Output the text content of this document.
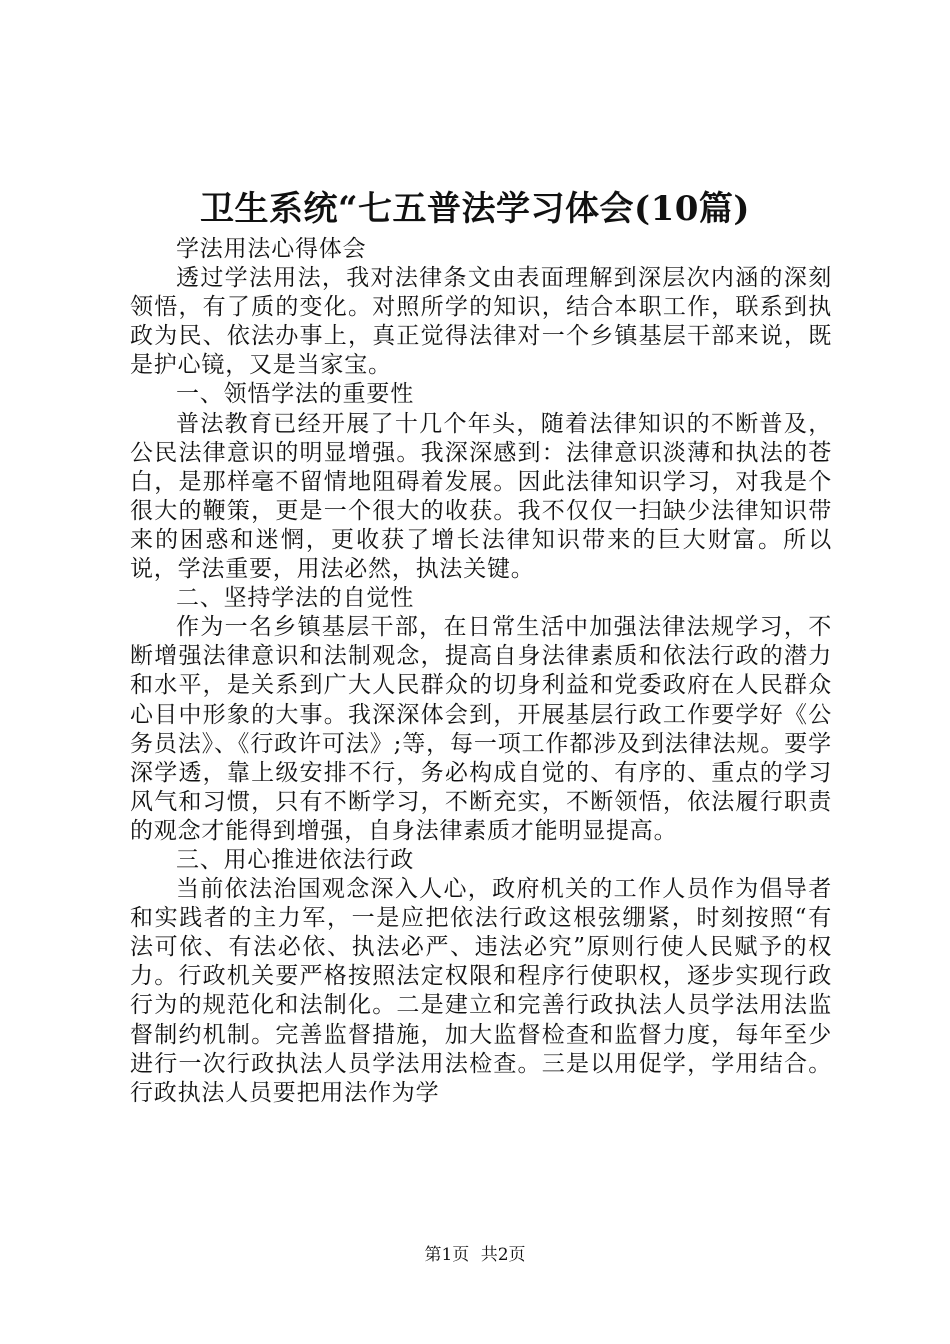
卫生系统“七五普法学习体会(10篇)

学法用法心得体会

透过学法用法，我对法律条文由表面理解到深层次内涵的深刻领悟，有了质的变化。对照所学的知识，结合本职工作，联系到执政为民、依法办事上，真正觉得法律对一个乡镇基层干部来说，既是护心镜，又是当家宝。

一、领悟学法的重要性

普法教育已经开展了十几个年头，随着法律知识的不断普及，公民法律意识的明显增强。我深深感到：法律意识淡薄和执法的苍白，是那样毫不留情地阻碍着发展。因此法律知识学习，对我是个很大的鞭策，更是一个很大的收获。我不仅仅一扫缺少法律知识带来的困惑和迷惘，更收获了增长法律知识带来的巨大财富。所以说，学法重要，用法必然，执法关键。

二、坚持学法的自觉性

作为一名乡镇基层干部，在日常生活中加强法律法规学习，不断增强法律意识和法制观念，提高自身法律素质和依法行政的潜力和水平，是关系到广大人民群众的切身利益和党委政府在人民群众心目中形象的大事。我深深体会到，开展基层行政工作要学好《公务员法》、《行政许可法》;等，每一项工作都涉及到法律法规。要学深学透，靠上级安排不行，务必构成自觉的、有序的、重点的学习风气和习惯，只有不断学习，不断充实，不断领悟，依法履行职责的观念才能得到增强，自身法律素质才能明显提高。

三、用心推进依法行政

当前依法治国观念深入人心，政府机关的工作人员作为倡导者和实践者的主力军，一是应把依法行政这根弦绷紧，时刻按照“有法可依、有法必依、执法必严、违法必究”原则行使人民赋予的权力。行政机关要严格按照法定权限和程序行使职权，逐步实现行政行为的规范化和法制化。二是建立和完善行政执法人员学法用法监督制约机制。完善监督措施，加大监督检查和监督力度，每年至少进行一次行政执法人员学法用法检查。三是以用促学，学用结合。行政执法人员要把用法作为学

第1页 共2页
